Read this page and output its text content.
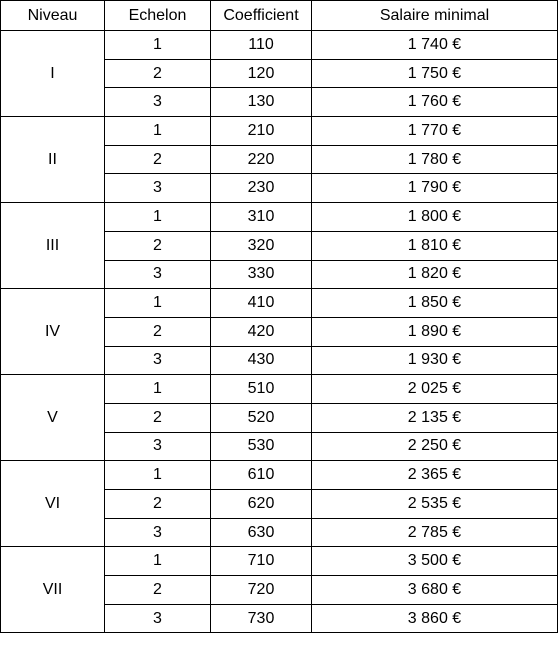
Niveau	Echelon	Coefficient	Salaire minimal
I	1	110	1 740 €
	2	120	1 750 €
	3	130	1 760 €
II	1	210	1 770 €
	2	220	1 780 €
	3	230	1 790 €
III	1	310	1 800 €
	2	320	1 810 €
	3	330	1 820 €
IV	1	410	1 850 €
	2	420	1 890 €
	3	430	1 930 €
V	1	510	2 025 €
	2	520	2 135 €
	3	530	2 250 €
VI	1	610	2 365 €
	2	620	2 535 €
	3	630	2 785 €
VII	1	710	3 500 €
	2	720	3 680 €
	3	730	3 860 €
